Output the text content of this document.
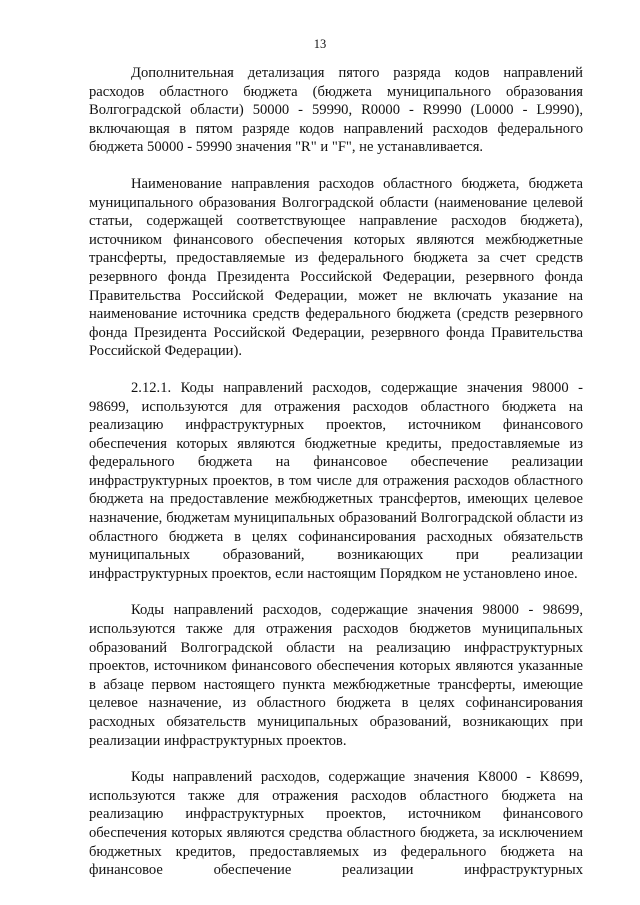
13

Дополнительная детализация пятого разряда кодов направлений расходов областного бюджета (бюджета муниципального образования Волгоградской области) 50000 - 59990, R0000 - R9990 (L0000 - L9990), включающая в пятом разряде кодов направлений расходов федерального бюджета 50000 - 59990 значения "R" и "F", не устанавливается.

Наименование направления расходов областного бюджета, бюджета муниципального образования Волгоградской области (наименование целевой статьи, содержащей соответствующее направление расходов бюджета), источником финансового обеспечения которых являются межбюджетные трансферты, предоставляемые из федерального бюджета за счет средств резервного фонда Президента Российской Федерации, резервного фонда Правительства Российской Федерации, может не включать указание на наименование источника средств федерального бюджета (средств резервного фонда Президента Российской Федерации, резервного фонда Правительства Российской Федерации).

2.12.1. Коды направлений расходов, содержащие значения 98000 - 98699, используются для отражения расходов областного бюджета на реализацию инфраструктурных проектов, источником финансового обеспечения которых являются бюджетные кредиты, предоставляемые из федерального бюджета на финансовое обеспечение реализации инфраструктурных проектов, в том числе для отражения расходов областного бюджета на предоставление межбюджетных трансфертов, имеющих целевое назначение, бюджетам муниципальных образований Волгоградской области из областного бюджета в целях софинансирования расходных обязательств муниципальных образований, возникающих при реализации инфраструктурных проектов, если настоящим Порядком не установлено иное.

Коды направлений расходов, содержащие значения 98000 - 98699, используются также для отражения расходов бюджетов муниципальных образований Волгоградской области на реализацию инфраструктурных проектов, источником финансового обеспечения которых являются указанные в абзаце первом настоящего пункта межбюджетные трансферты, имеющие целевое назначение, из областного бюджета в целях софинансирования расходных обязательств муниципальных образований, возникающих при реализации инфраструктурных проектов.

Коды направлений расходов, содержащие значения K8000 - K8699, используются также для отражения расходов областного бюджета на реализацию инфраструктурных проектов, источником финансового обеспечения которых являются средства областного бюджета, за исключением бюджетных кредитов, предоставляемых из федерального бюджета на финансовое обеспечение реализации инфраструктурных
